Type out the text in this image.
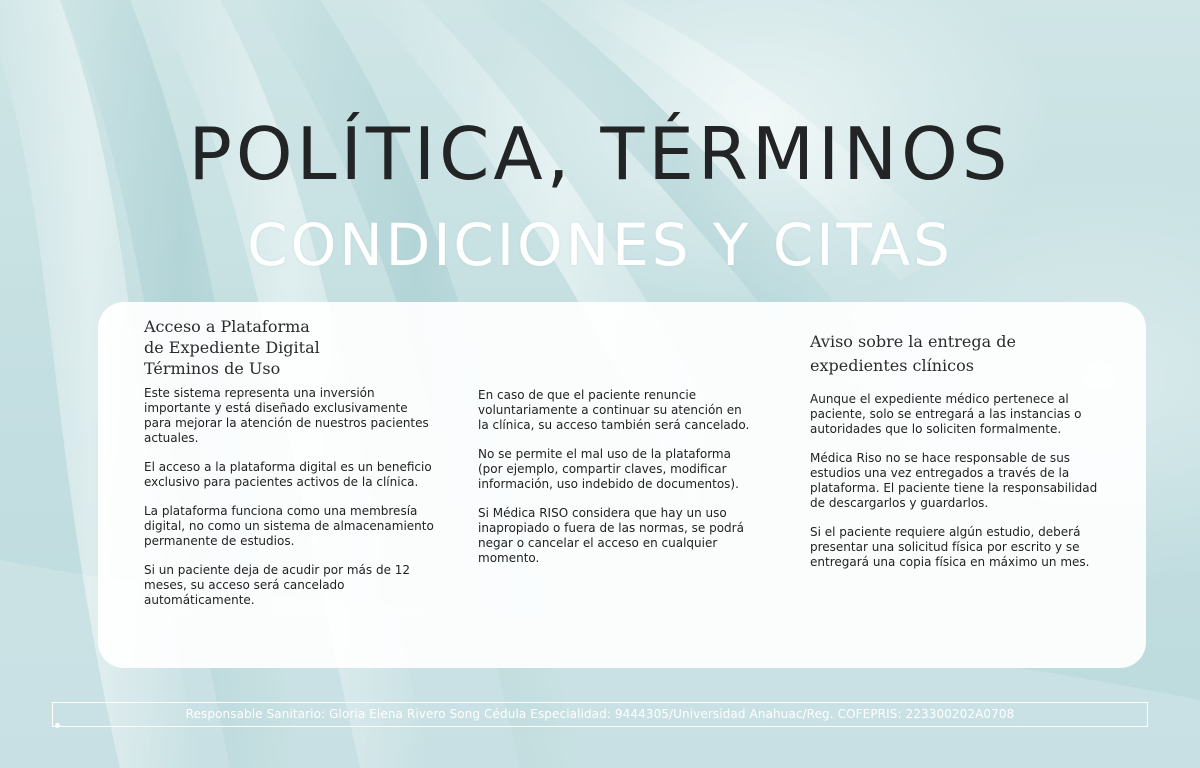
POLÍTICA, TÉRMINOS
CONDICIONES Y CITAS
Acceso a Plataforma
de Expediente Digital
Términos de Uso

Este sistema representa una inversión importante y está diseñado exclusivamente para mejorar la atención de nuestros pacientes actuales.

El acceso a la plataforma digital es un beneficio exclusivo para pacientes activos de la clínica.

La plataforma funciona como una membresía digital, no como un sistema de almacenamiento permanente de estudios.

Si un paciente deja de acudir por más de 12 meses, su acceso será cancelado automáticamente.

En caso de que el paciente renuncie voluntariamente a continuar su atención en la clínica, su acceso también será cancelado.

No se permite el mal uso de la plataforma (por ejemplo, compartir claves, modificar información, uso indebido de documentos).

Si Médica RISO considera que hay un uso inapropiado o fuera de las normas, se podrá negar o cancelar el acceso en cualquier momento.

Aviso sobre la entrega de
expedientes clínicos

Aunque el expediente médico pertenece al paciente, solo se entregará a las instancias o autoridades que lo soliciten formalmente.

Médica Riso no se hace responsable de sus estudios una vez entregados a través de la plataforma. El paciente tiene la responsabilidad de descargarlos y guardarlos.

Si el paciente requiere algún estudio, deberá presentar una solicitud física por escrito y se entregará una copia física en máximo un mes.

Responsable Sanitario: Gloria Elena Rivero Song Cédula Especialidad: 9444305/Universidad Anahuac/Reg. COFEPRIS: 223300202A0708
